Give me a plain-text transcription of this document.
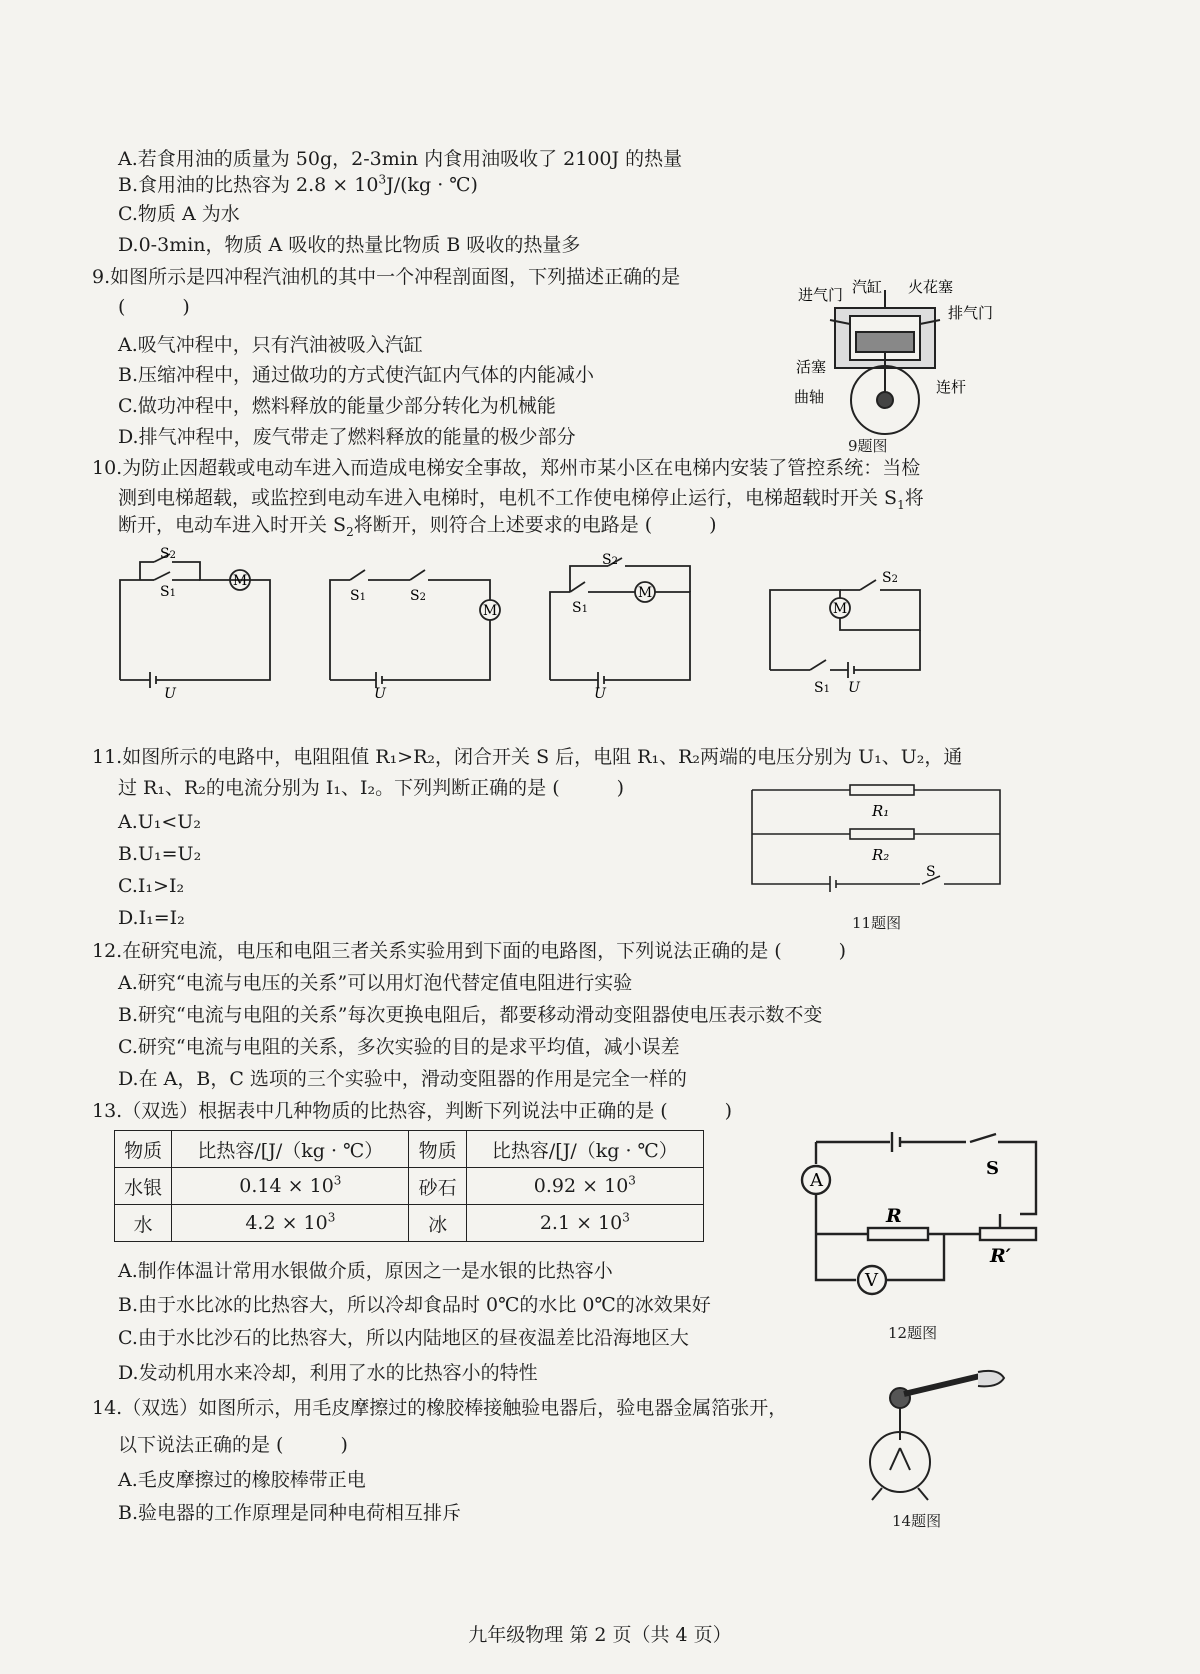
A.若食用油的质量为 50g，2-3min 内食用油吸收了 2100J 的热量
B.食用油的比热容为 $2.8 \times 10^3J/(kg$ · ℃)
C.物质 A 为水
D.0-3min，物质 A 吸收的热量比物质 B 吸收的热量多
9.如图所示是四冲程汽油机的其中一个冲程剖面图，下列描述正确的是
(　　　)
A.吸气冲程中，只有汽油被吸入汽缸
B.压缩冲程中，通过做功的方式使汽缸内气体的内能减小
C.做功冲程中，燃料释放的能量少部分转化为机械能
D.排气冲程中，废气带走了燃料释放的能量的极少部分
进气门 汽缸 火花塞
排气门
活塞
曲轴
连杆
9题图
10.为防止因超载或电动车进入而造成电梯安全事故，郑州市某小区在电梯内安装了管控系统：当检
测到电梯超载，或监控到电动车进入电梯时，电机不工作使电梯停止运行，电梯超载时开关 $S_1$将
断开，电动车进入时开关 $S_2$将断开，则符合上述要求的电路是 (　　　)
M
S2
S1
U
M
S1	S2
U
M
S2
S1
U
M
S2
S1 U
11.如图所示的电路中，电阻阻值 R₁>R₂，闭合开关 S 后，电阻 R₁、R₂两端的电压分别为 U₁、U₂，通
过 R₁、R₂的电流分别为 I₁、I₂。下列判断正确的是 (　　　)
A.U₁<U₂
B.U₁=U₂
C.I₁>I₂
D.I₁=I₂
R₁
R₂
S
11题图
12.在研究电流，电压和电阻三者关系实验用到下面的电路图，下列说法正确的是 (　　　)
A.研究“电流与电压的关系”可以用灯泡代替定值电阻进行实验
B.研究“电流与电阻的关系”每次更换电阻后，都要移动滑动变阻器使电压表示数不变
C.研究“电流与电阻的关系，多次实验的目的是求平均值，减小误差
D.在 A，B，C 选项的三个实验中，滑动变阻器的作用是完全一样的
A
V
R
R′
S
12题图
13.（双选）根据表中几种物质的比热容，判断下列说法中正确的是 (　　　)
物质	比热容/[J/（kg · ℃）	物质	比热容/[J/（kg · ℃）
水银	$0.14 \times 10^3$	砂石	$0.92 \times 10^3$
水	$4.2 \times 10^3$	冰	$2.1 \times 10^3$
A.制作体温计常用水银做介质，原因之一是水银的比热容小
B.由于水比冰的比热容大，所以冷却食品时 0℃的水比 0℃的冰效果好
C.由于水比沙石的比热容大，所以内陆地区的昼夜温差比沿海地区大
D.发动机用水来冷却，利用了水的比热容小的特性
14.（双选）如图所示，用毛皮摩擦过的橡胶棒接触验电器后，验电器金属箔张开，
以下说法正确的是 (　　　)
A.毛皮摩擦过的橡胶棒带正电
B.验电器的工作原理是同种电荷相互排斥	14题图
九年级物理 第 2 页（共 4 页）
